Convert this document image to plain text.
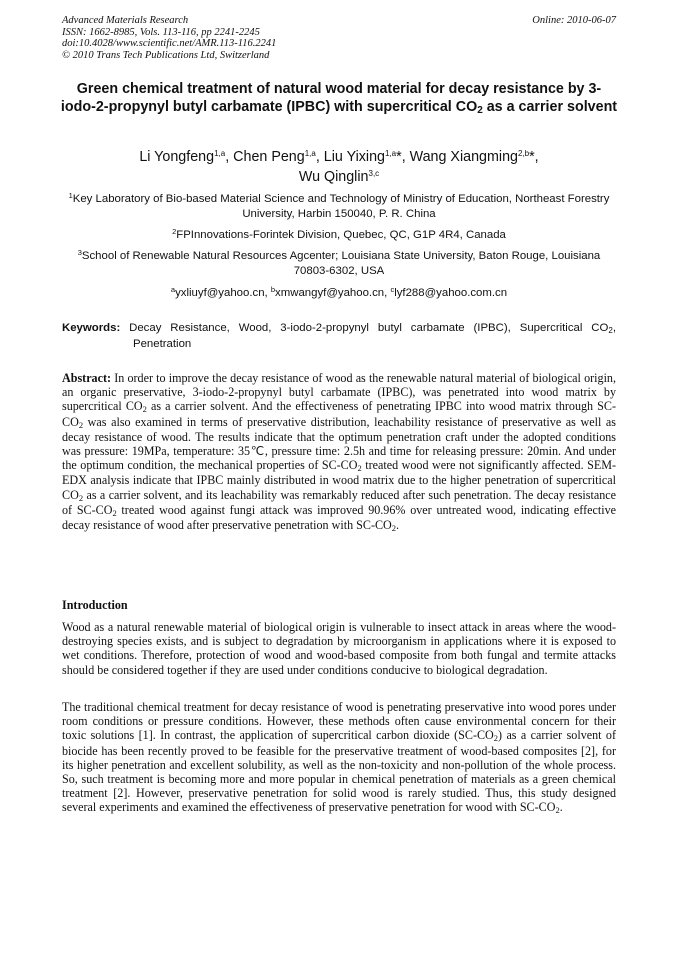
Advanced Materials Research
ISSN: 1662-8985, Vols. 113-116, pp 2241-2245
doi:10.4028/www.scientific.net/AMR.113-116.2241
© 2010 Trans Tech Publications Ltd, Switzerland
Online: 2010-06-07
Green chemical treatment of natural wood material for decay resistance by 3-iodo-2-propynyl butyl carbamate (IPBC) with supercritical $CO_2$ as a carrier solvent
Li Yongfeng$^{1,a}$, Chen Peng$^{1,a}$, Liu Yixing$^{1,a}$*, Wang Xiangming$^{2,b}$*,
Wu Qinglin$^{3,c}$
$^1$Key Laboratory of Bio-based Material Science and Technology of Ministry of Education, Northeast Forestry University, Harbin 150040, P. R. China
$^2$FPInnovations-Forintek Division, Quebec, QC, G1P 4R4, Canada
$^3$School of Renewable Natural Resources Agcenter; Louisiana State University, Baton Rouge, Louisiana 70803-6302, USA
$^a$yxliuyf@yahoo.cn, $^b$xmwangyf@yahoo.cn, $^c$lyf288@yahoo.com.cn
Keywords: Decay Resistance, Wood, 3-iodo-2-propynyl butyl carbamate (IPBC), Supercritical $CO_2$, Penetration

Abstract: In order to improve the decay resistance of wood as the renewable natural material of biological origin, an organic preservative, 3-iodo-2-propynyl butyl carbamate (IPBC), was penetrated into wood matrix by supercritical $CO_2$ as a carrier solvent. And the effectiveness of penetrating IPBC into wood matrix through $SC-CO_2$ was also examined in terms of preservative distribution, leachability resistance of preservative as well as decay resistance of wood. The results indicate that the optimum penetration craft under the adopted conditions was pressure: 19MPa, temperature: 35℃, pressure time: 2.5h and time for releasing pressure: 20min. And under the optimum condition, the mechanical properties of $SC-CO_2$ treated wood were not significantly affected. SEM-EDX analysis indicate that IPBC mainly distributed in wood matrix due to the higher penetration of supercritical $CO_2$ as a carrier solvent, and its leachability was remarkably reduced after such penetration. The decay resistance of $SC-CO_2$ treated wood against fungi attack was improved 90.96% over untreated wood, indicating effective decay resistance of wood after preservative penetration with $SC-CO_2$.

Introduction

Wood as a natural renewable material of biological origin is vulnerable to insect attack in areas where the wood-destroying species exists, and is subject to degradation by microorganism in applications where it is exposed to wet conditions. Therefore, protection of wood and wood-based composite from both fungal and termite attacks should be considered together if they are used under conditions conducive to biological degradation.

The traditional chemical treatment for decay resistance of wood is penetrating preservative into wood pores under room conditions or pressure conditions. However, these methods often cause environmental concern for their toxic solutions [1]. In contrast, the application of supercritical carbon dioxide $(SC-CO_2)$ as a carrier solvent of biocide has been recently proved to be feasible for the preservative treatment of wood-based composites [2], for its higher penetration and excellent solubility, as well as the non-toxicity and non-pollution of the whole process. So, such treatment is becoming more and more popular in chemical penetration of materials as a green chemical treatment [2]. However, preservative penetration for solid wood is rarely studied. Thus, this study designed several experiments and examined the effectiveness of preservative penetration for wood with $SC-CO_2$.
